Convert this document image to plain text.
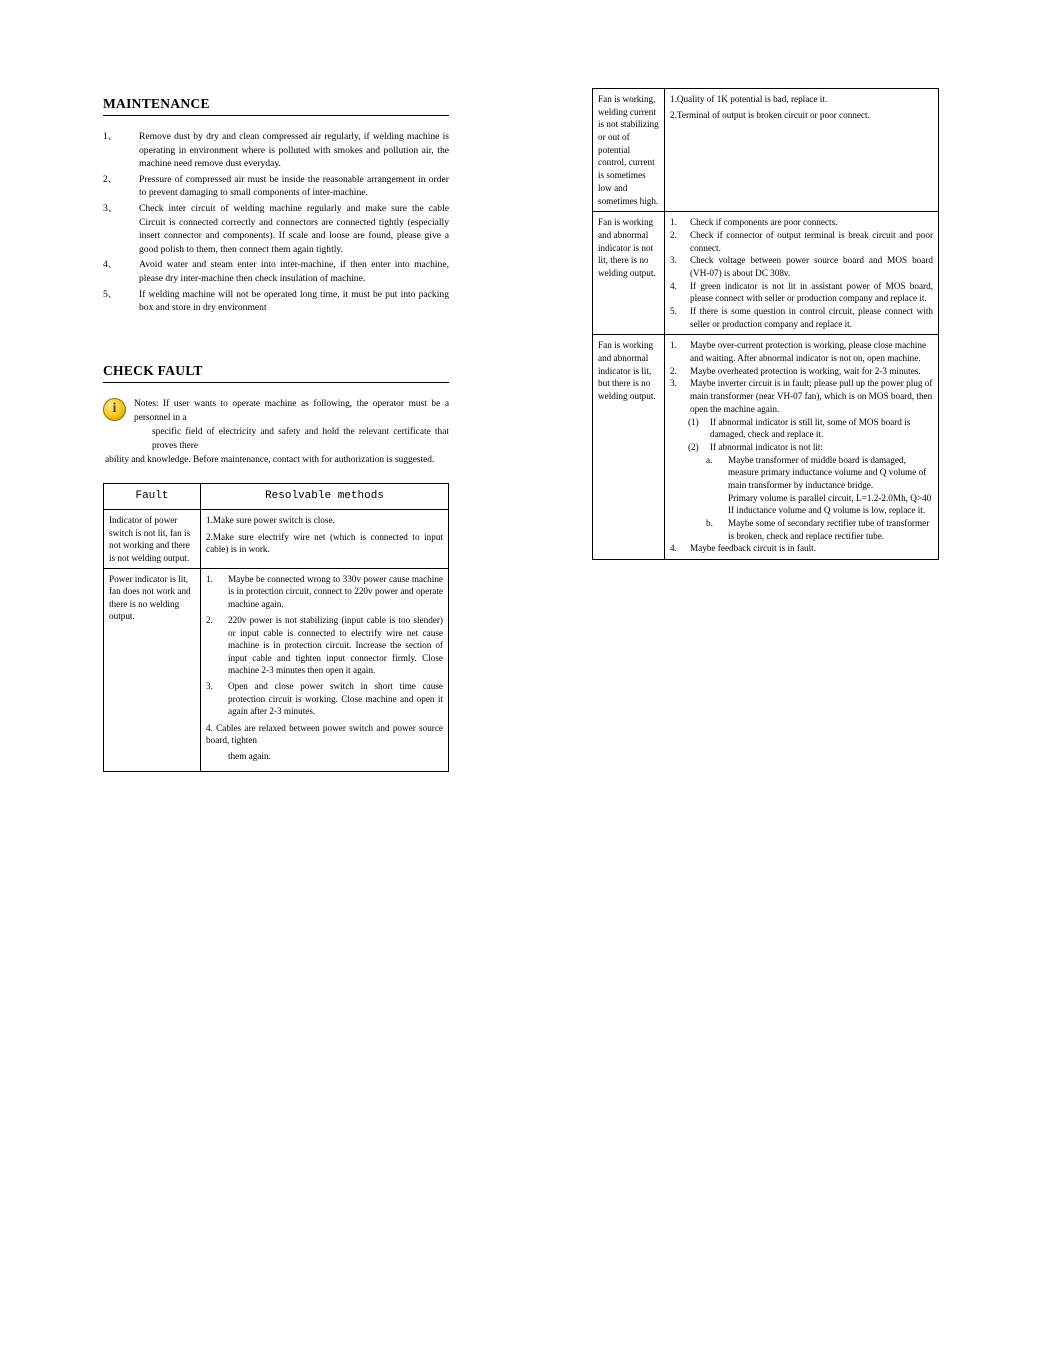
MAINTENANCE
1、	Remove dust by dry and clean compressed air regularly, if welding machine is operating in environment where is polluted with smokes and pollution air, the machine need remove dust everyday.
2、	Pressure of compressed air must be inside the reasonable arrangement in order to prevent damaging to small components of inter-machine.
3、	Check inter circuit of welding machine regularly and make sure the cable Circuit is connected correctly and connectors are connected tightly (especially insert connector and components). If scale and loose are found, please give a good polish to them, then connect them again tightly.
4、	Avoid water and steam enter into inter-machine, if then enter into machine, please dry inter-machine then check insulation of machine.
5、	If welding machine will not be operated long time, it must be put into packing box and store in dry environment
CHECK FAULT
i	Notes: If user wants to operate machine as following, the operator must be a personnel in a
specific field of electricity and safety and hold the relevant certificate that proves there
ability and knowledge. Before maintenance, contact with for authorization is suggested.
Fault	Resolvable methods
Indicator of power switch is not lit, fan is not working and there is not welding output.	
1.Make sure power switch is close.
2.Make sure electrify wire net (which is connected to input cable) is in work.

Power indicator is lit, fan does not work and there is no welding output.	
1.	Maybe be connected wrong to 330v power cause machine is in protection circuit, connect to 220v power and operate machine again.
2.	220v power is not stabilizing (input cable is too slender) or input cable is connected to electrify wire net cause machine is in protection circuit. Increase the section of input cable and tighten input connector firmly. Close machine 2-3 minutes then open it again.
3.	Open and close power switch in short time cause protection circuit is working. Close machine and open it again after 2-3 minutes.
4. Cables are relaxed between power switch and power source board, tighten
them again.
Fan is working, welding current is not stabilizing or out of potential control, current is sometimes low and sometimes high.	1.Quality of 1K potential is bad, replace it.
2.Terminal of output is broken circuit or poor connect.

Fan is working and abnormal indicator is not lit, there is no welding output.	
1. Check if components are poor connects.
2. Check if connector of output terminal is break circuit and poor connect.
3. Check voltage between power source board and MOS board (VH-07) is about DC 308v.
4. If green indicator is not lit in assistant power of MOS board, please connect with seller or production company and replace it.
5. If there is some question in control circuit, please connect with seller or production company and replace it.

Fan is working and abnormal indicator is lit, but there is no welding output.	
1. Maybe over-current protection is working, please close machine and waiting. After abnormal indicator is not on, open machine.
2. Maybe overheated protection is working, wait for 2-3 minutes.
3. Maybe inverter circuit is in fault; please pull up the power plug of main transformer (near VH-07 fan), which is on MOS board, then open the machine again.
(1) If abnormal indicator is still lit, some of MOS board is damaged, check and replace it.
(2) If abnormal indicator is not lit:
a. Maybe transformer of middle board is damaged, measure primary inductance volume and Q volume of main transformer by inductance bridge.
Primary volume is parallel circuit, L=1.2-2.0Mh, Q>40
If inductance volume and Q volume is low, replace it.
b. Maybe some of secondary rectifier tube of transformer is broken, check and replace rectifier tube.
4. Maybe feedback circuit is in fault.
